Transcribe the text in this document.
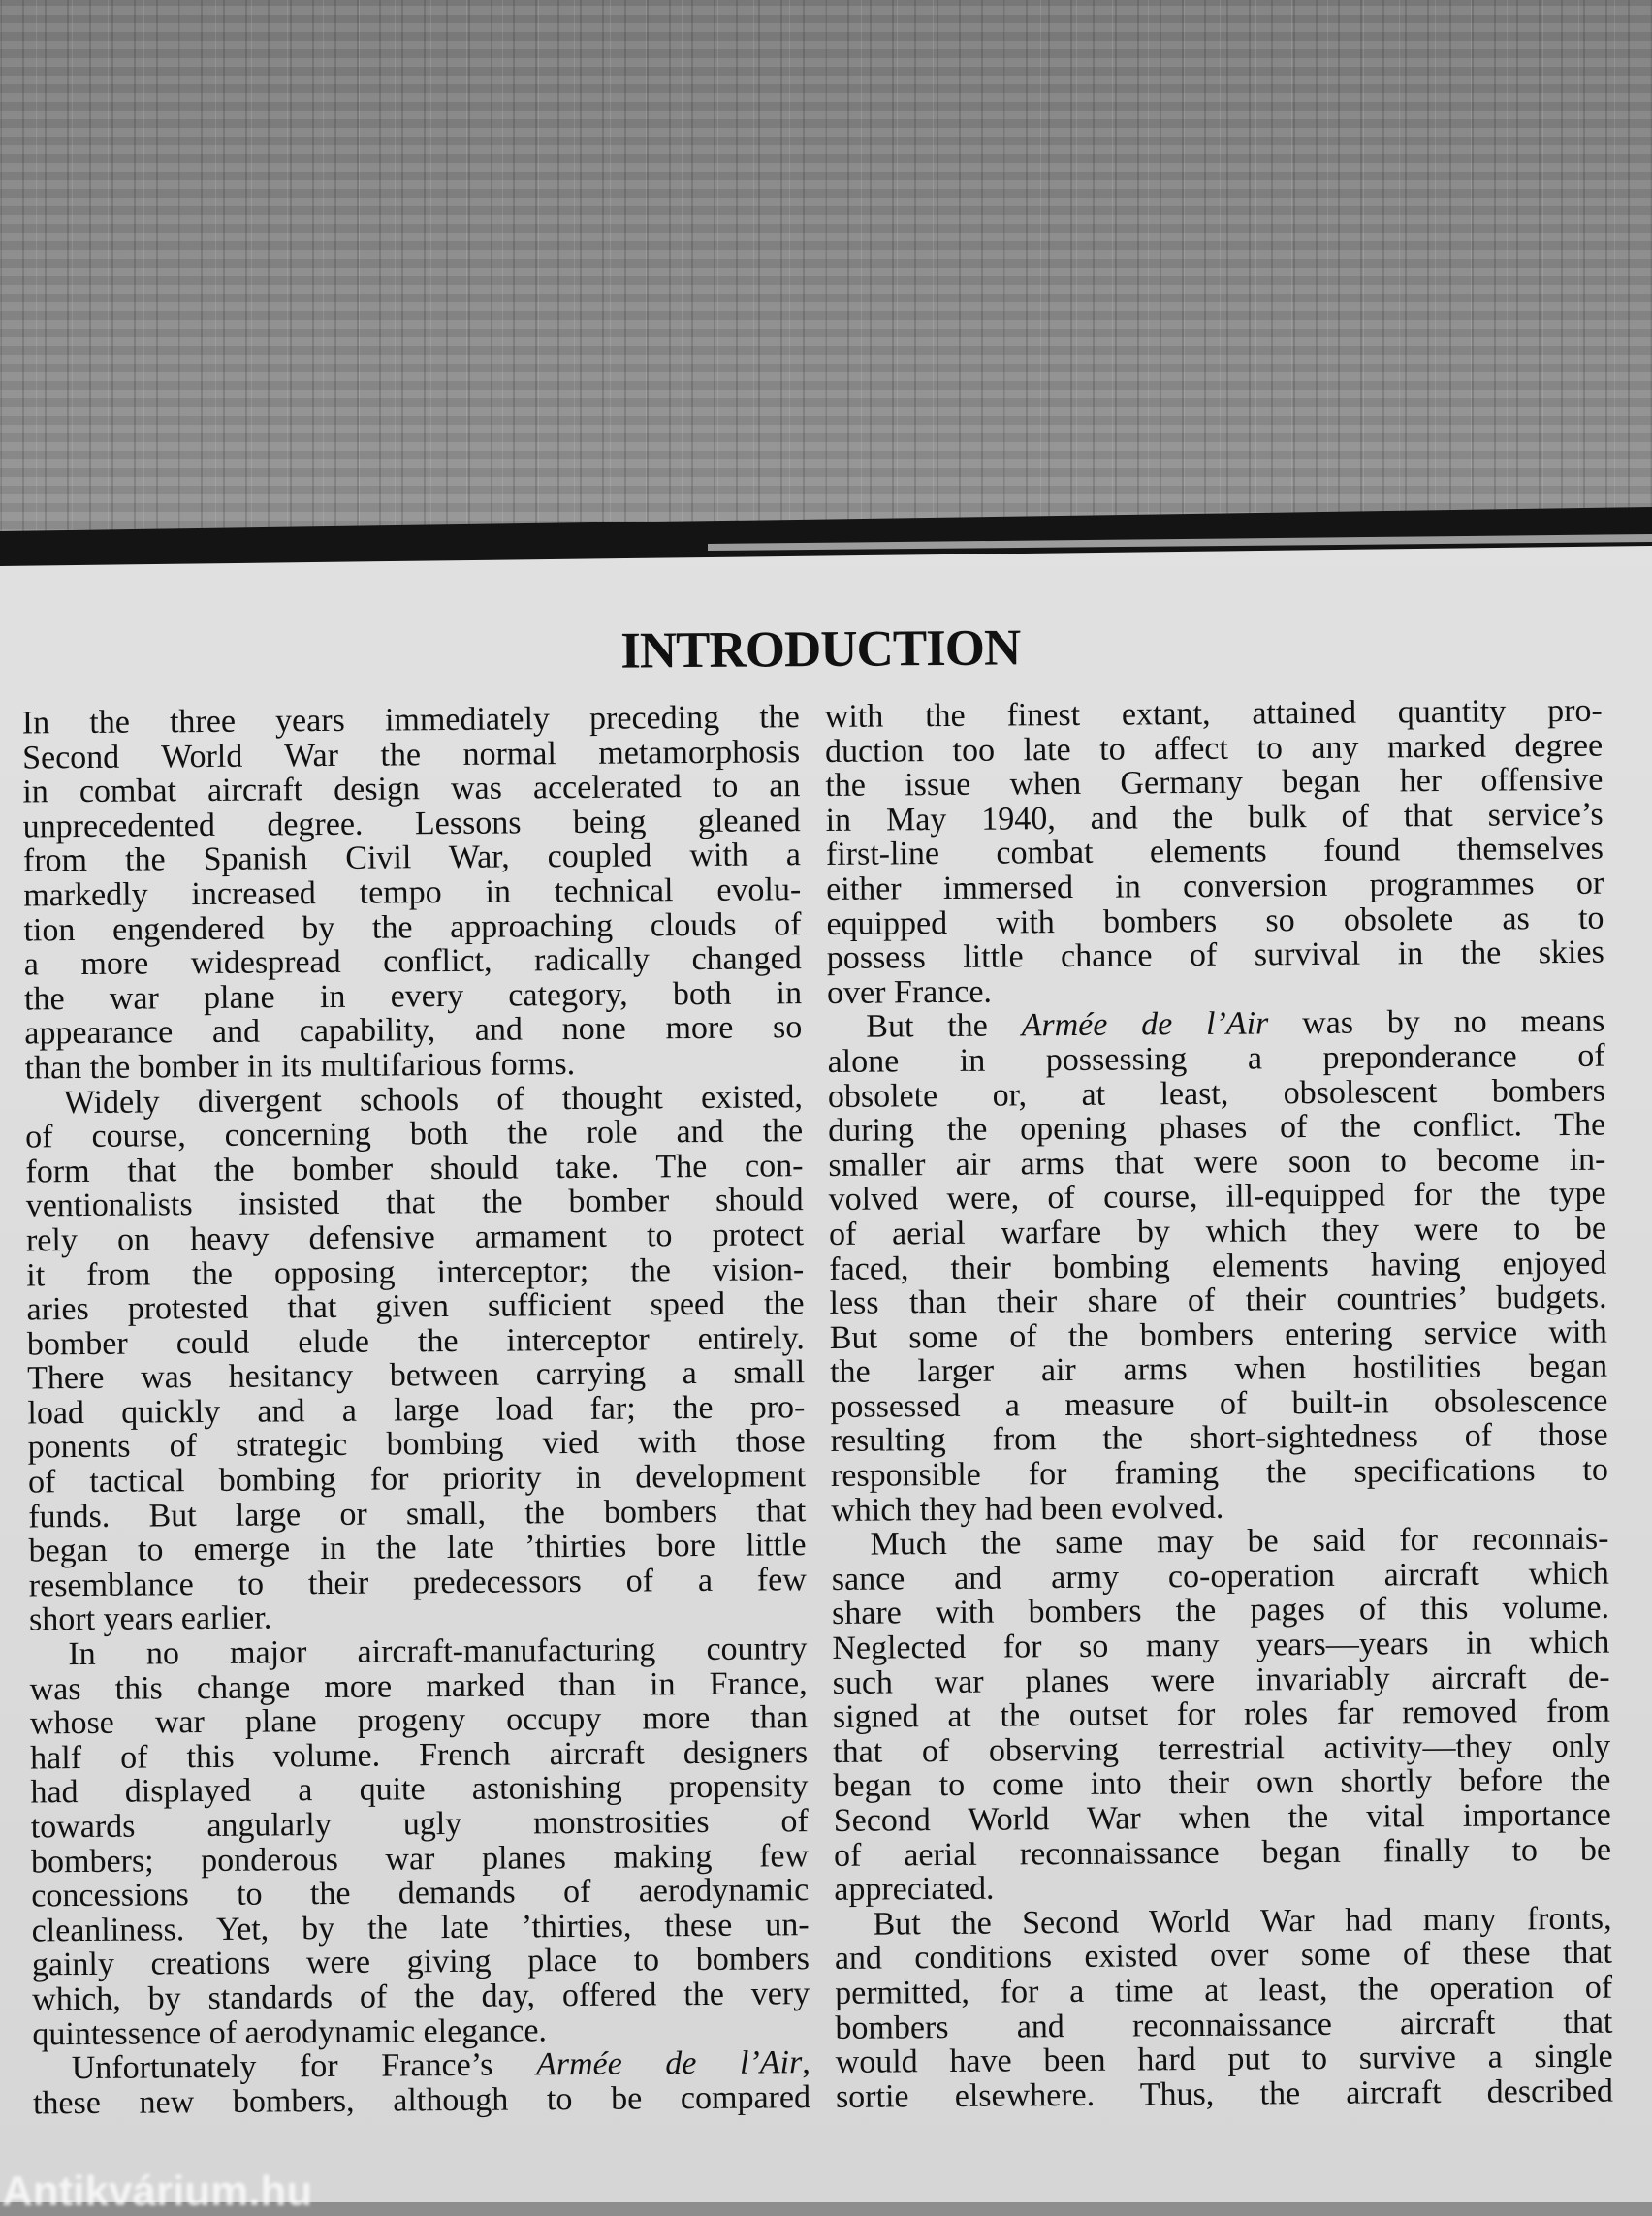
INTRODUCTION
In the three years immediately preceding the
Second World War the normal metamorphosis
in combat aircraft design was accelerated to an
unprecedented degree. Lessons being gleaned
from the Spanish Civil War, coupled with a
markedly increased tempo in technical evolu-
tion engendered by the approaching clouds of
a more widespread conflict, radically changed
the war plane in every category, both in
appearance and capability, and none more so
than the bomber in its multifarious forms.
Widely divergent schools of thought existed,
of course, concerning both the role and the
form that the bomber should take. The con-
ventionalists insisted that the bomber should
rely on heavy defensive armament to protect
it from the opposing interceptor; the vision-
aries protested that given sufficient speed the
bomber could elude the interceptor entirely.
There was hesitancy between carrying a small
load quickly and a large load far; the pro-
ponents of strategic bombing vied with those
of tactical bombing for priority in development
funds. But large or small, the bombers that
began to emerge in the late ’thirties bore little
resemblance to their predecessors of a few
short years earlier.
In no major aircraft-manufacturing country
was this change more marked than in France,
whose war plane progeny occupy more than
half of this volume. French aircraft designers
had displayed a quite astonishing propensity
towards angularly ugly monstrosities of
bombers; ponderous war planes making few
concessions to the demands of aerodynamic
cleanliness. Yet, by the late ’thirties, these un-
gainly creations were giving place to bombers
which, by standards of the day, offered the very
quintessence of aerodynamic elegance.
Unfortunately for France’s Armée de l’Air,
these new bombers, although to be compared
with the finest extant, attained quantity pro-
duction too late to affect to any marked degree
the issue when Germany began her offensive
in May 1940, and the bulk of that service’s
first-line combat elements found themselves
either immersed in conversion programmes or
equipped with bombers so obsolete as to
possess little chance of survival in the skies
over France.
But the Armée de l’Air was by no means
alone in possessing a preponderance of
obsolete or, at least, obsolescent bombers
during the opening phases of the conflict. The
smaller air arms that were soon to become in-
volved were, of course, ill-equipped for the type
of aerial warfare by which they were to be
faced, their bombing elements having enjoyed
less than their share of their countries’ budgets.
But some of the bombers entering service with
the larger air arms when hostilities began
possessed a measure of built-in obsolescence
resulting from the short-sightedness of those
responsible for framing the specifications to
which they had been evolved.
Much the same may be said for reconnais-
sance and army co-operation aircraft which
share with bombers the pages of this volume.
Neglected for so many years—years in which
such war planes were invariably aircraft de-
signed at the outset for roles far removed from
that of observing terrestrial activity—they only
began to come into their own shortly before the
Second World War when the vital importance
of aerial reconnaissance began finally to be
appreciated.
But the Second World War had many fronts,
and conditions existed over some of these that
permitted, for a time at least, the operation of
bombers and reconnaissance aircraft that
would have been hard put to survive a single
sortie elsewhere. Thus, the aircraft described
Antikvárium.hu
